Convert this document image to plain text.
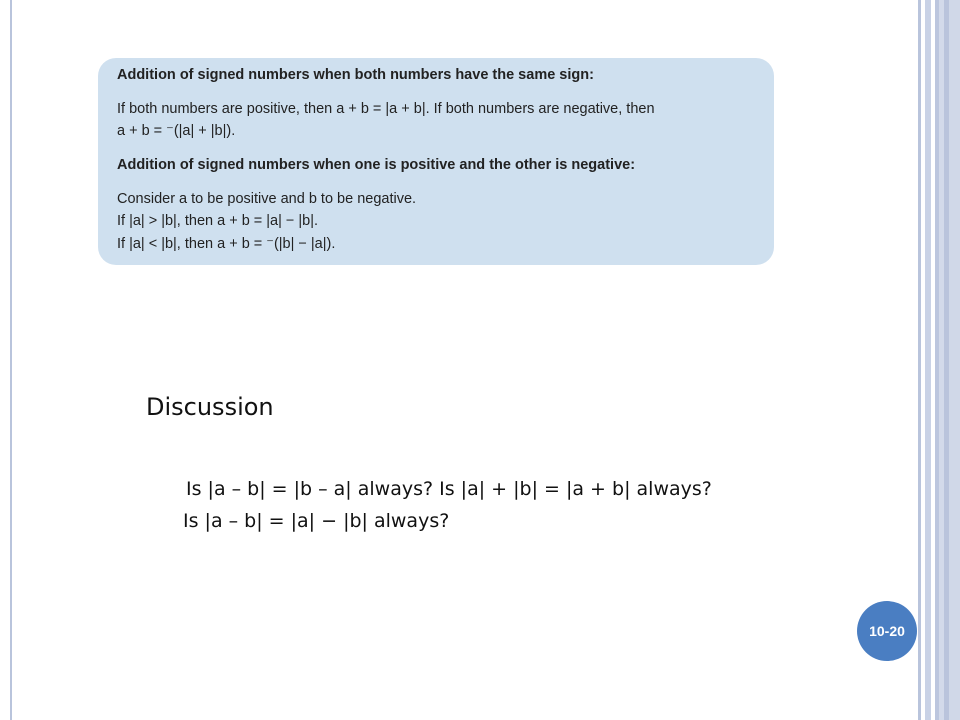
Addition of signed numbers when both numbers have the same sign:
If both numbers are positive, then a + b = |a + b|. If both numbers are negative, then
a + b = ⁻(|a| + |b|).
Addition of signed numbers when one is positive and the other is negative:
Consider a to be positive and b to be negative.
If |a| > |b|, then a + b = |a| − |b|.
If |a| < |b|, then a + b = ⁻(|b| − |a|).
Discussion
Is |a – b| = |b – a| always? Is |a| + |b| = |a + b| always?
Is |a – b| = |a| − |b| always?
10-20
